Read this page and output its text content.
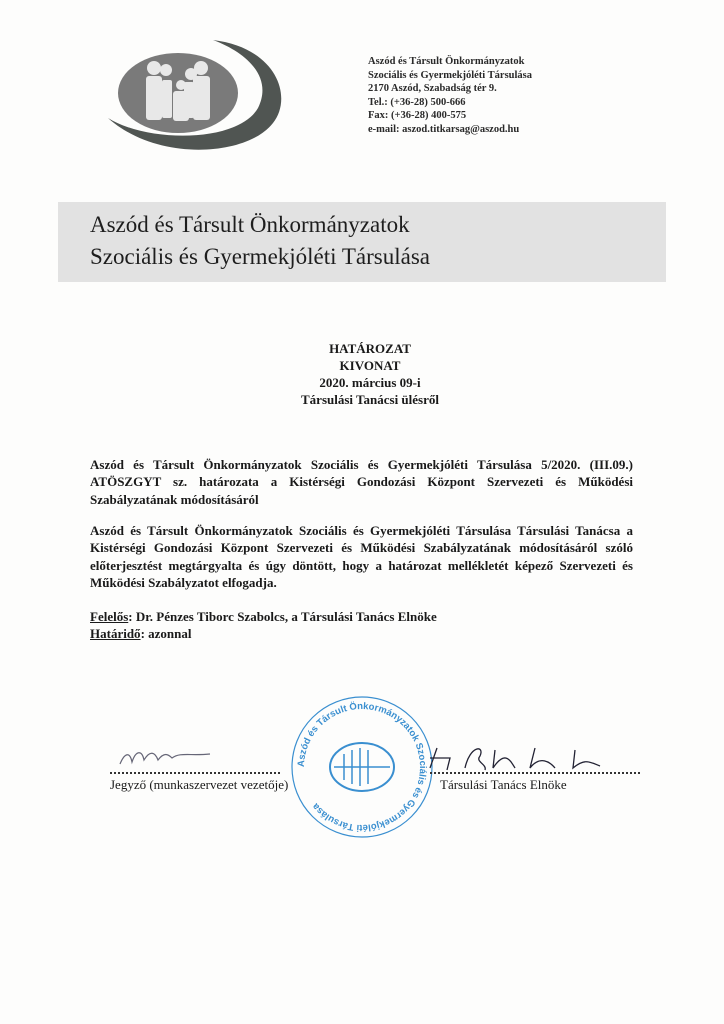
Aszód és Társult Önkormányzatok
Szociális és Gyermekjóléti Társulása
2170 Aszód, Szabadság tér 9.
Tel.: (+36-28) 500-666
Fax: (+36-28) 400-575
e-mail: aszod.titkarsag@aszod.hu
Aszód és Társult Önkormányzatok
Szociális és Gyermekjóléti Társulása
HATÁROZAT
KIVONAT
2020. március 09-i
Társulási Tanácsi ülésről
Aszód és Társult Önkormányzatok Szociális és Gyermekjóléti Társulása 5/2020. (III.09.) ATÖSZGYT sz. határozata a Kistérségi Gondozási Központ Szervezeti és Működési Szabályzatának módosításáról
Aszód és Társult Önkormányzatok Szociális és Gyermekjóléti Társulása Társulási Tanácsa a Kistérségi Gondozási Központ Szervezeti és Működési Szabályzatának módosításáról szóló előterjesztést megtárgyalta és úgy döntött, hogy a határozat mellékletét képező Szervezeti és Működési Szabályzatot elfogadja.
Felelős: Dr. Pénzes Tiborc Szabolcs, a Társulási Tanács Elnöke
Határidő: azonnal
Jegyző (munkaszervezet vezetője)
Aszód és Társult Önkormányzatok Szociális és Gyermekjóléti Társulása
Társulási Tanács Elnöke
